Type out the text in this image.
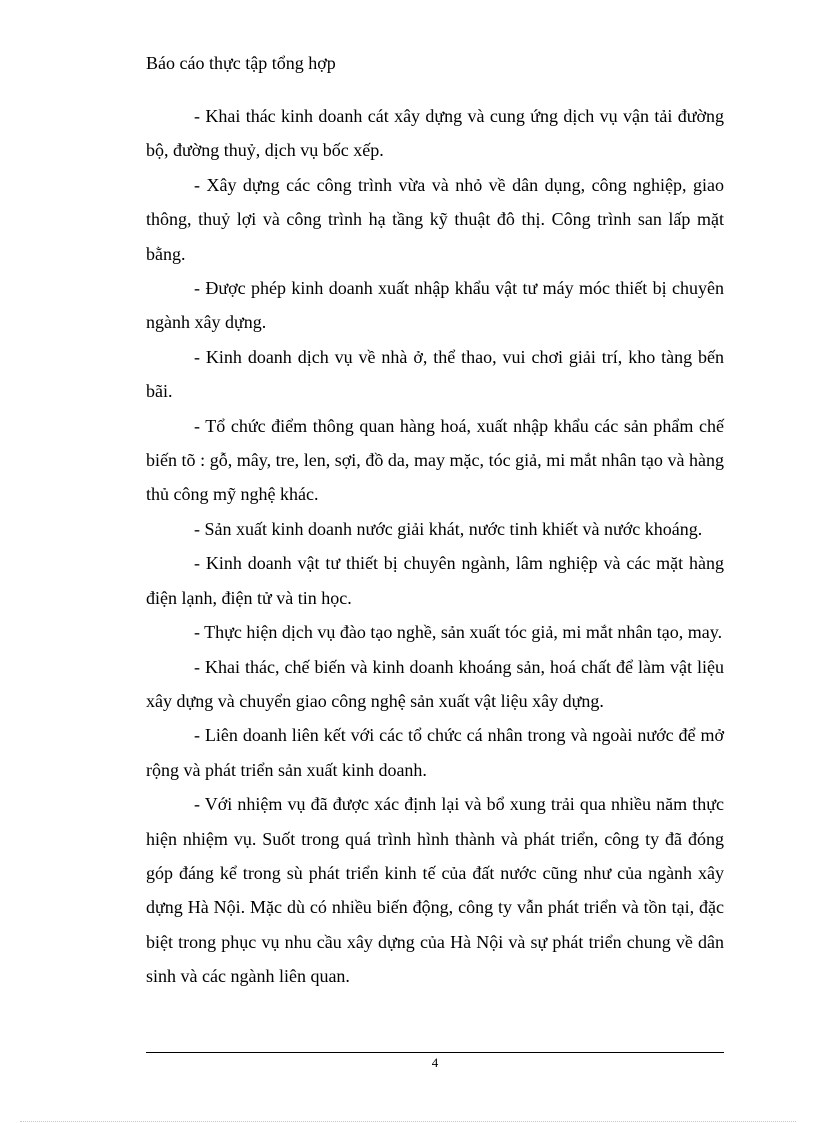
Báo cáo thực tập tổng hợp

- Khai thác kinh doanh cát xây dựng và cung ứng dịch vụ vận tải đường bộ, đường thuỷ, dịch vụ bốc xếp.

- Xây dựng các công trình vừa và nhỏ về dân dụng, công nghiệp, giao thông, thuỷ lợi và công trình hạ tầng kỹ thuật đô thị. Công trình san lấp mặt bằng.

- Được phép kinh doanh xuất nhập khẩu vật tư máy móc thiết bị chuyên ngành xây dựng.

- Kinh doanh dịch vụ về nhà ở, thể thao, vui chơi giải trí, kho tàng bến bãi.

- Tổ chức điểm thông quan hàng hoá, xuất nhập khẩu các sản phẩm chế biến tõ : gỗ, mây, tre, len, sợi, đồ da, may mặc, tóc giả, mi mắt nhân tạo và hàng thủ công mỹ nghệ khác.

- Sản xuất kinh doanh nước giải khát, nước tinh khiết và nước khoáng.

- Kinh doanh vật tư thiết bị chuyên ngành, lâm nghiệp và các mặt hàng điện lạnh, điện tử và tin học.

- Thực hiện dịch vụ đào tạo nghề, sản xuất tóc giả, mi mắt nhân tạo, may.

- Khai thác, chế biến và kinh doanh khoáng sản, hoá chất để làm vật liệu xây dựng và chuyển giao công nghệ sản xuất vật liệu xây dựng.

- Liên doanh liên kết với các tổ chức cá nhân trong và ngoài nước để mở rộng và phát triển sản xuất kinh doanh.

- Với nhiệm vụ đã được xác định lại và bổ xung trải qua nhiều năm thực hiện nhiệm vụ. Suốt trong quá trình hình thành và phát triển, công ty đã đóng góp đáng kể trong sù phát triển kinh tế của đất nước cũng như của ngành xây dựng Hà Nội. Mặc dù có nhiều biến động, công ty vẫn phát triển và tồn tại, đặc biệt trong phục vụ nhu cầu xây dựng của Hà Nội và sự phát triển chung về dân sinh và các ngành liên quan.

4
